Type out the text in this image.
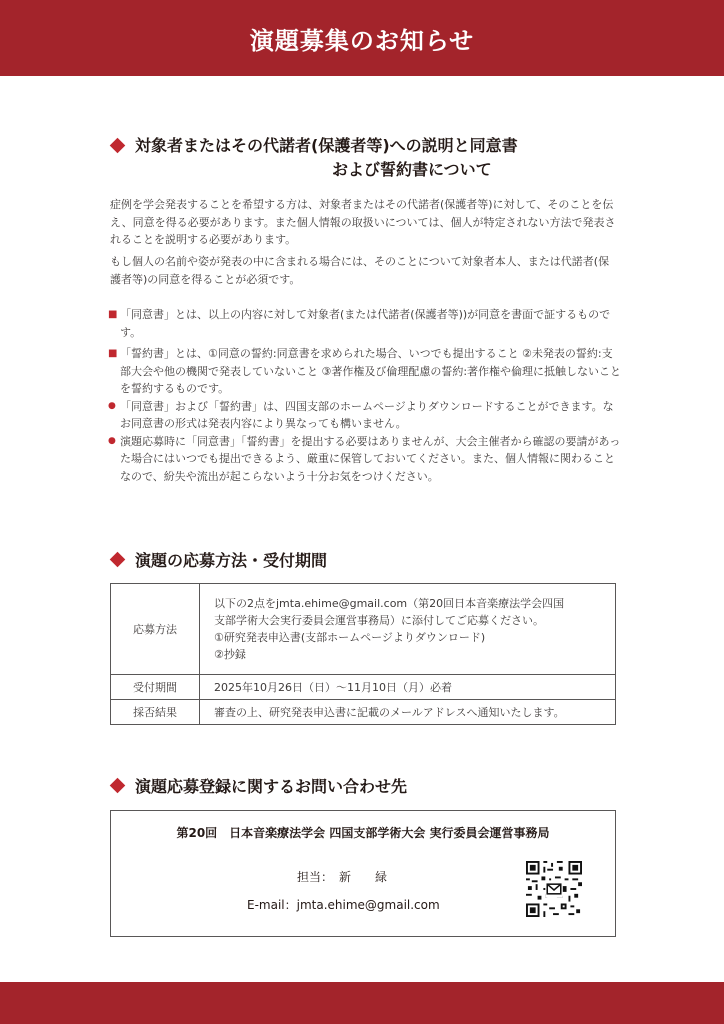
演題募集のお知らせ
対象者またはその代諾者(保護者等)への説明と同意書
および誓約書について
症例を学会発表することを希望する方は、対象者またはその代諾者(保護者等)に対して、そのことを伝え、同意を得る必要があります。また個人情報の取扱いについては、個人が特定されない方法で発表されることを説明する必要があります。
もし個人の名前や姿が発表の中に含まれる場合には、そのことについて対象者本人、または代諾者(保護者等)の同意を得ることが必須です。
■ 「同意書」とは、以上の内容に対して対象者(または代諾者(保護者等))が同意を書面で証するものです。
■ 「誓約書」とは、①同意の誓約:同意書を求められた場合、いつでも提出すること ②未発表の誓約:支部大会や他の機関で発表していないこと ③著作権及び倫理配慮の誓約:著作権や倫理に抵触しないことを誓約するものです。
● 「同意書」および「誓約書」は、四国支部のホームページよりダウンロードすることができます。なお同意書の形式は発表内容により異なっても構いません。
● 演題応募時に「同意書」「誓約書」を提出する必要はありませんが、大会主催者から確認の要請があった場合にはいつでも提出できるよう、厳重に保管しておいてください。また、個人情報に関わることなので、紛失や流出が起こらないよう十分お気をつけください。
演題の応募方法・受付期間
応募方法	以下の2点をjmta.ehime@gmail.com（第20回日本音楽療法学会四国
支部学術大会実行委員会運営事務局）に添付してご応募ください。
①研究発表申込書(支部ホームページよりダウンロード)
②抄録

受付期間	2025年10月26日（日）～11月10日（月）必着
採否結果	審査の上、研究発表申込書に記載のメールアドレスへ通知いたします。
演題応募登録に関するお問い合わせ先
第20回　日本音楽療法学会 四国支部学術大会 実行委員会運営事務局
担当：　新　　緑
E-mail：jmta.ehime@gmail.com
